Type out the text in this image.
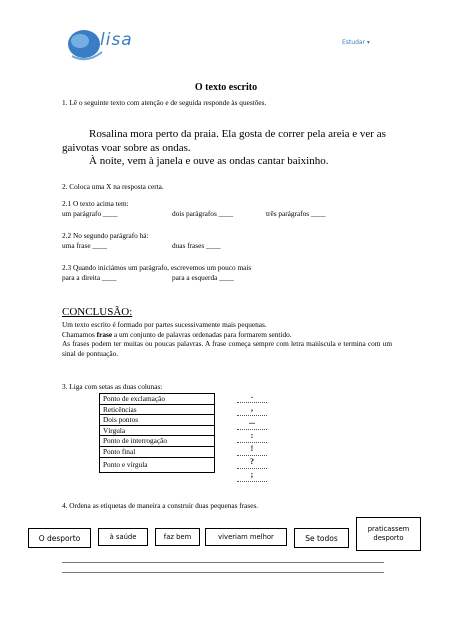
lisa	Estudar ▾
O texto escrito
1. Lê o seguinte texto com atenção e de seguida responde às questões.

Rosalina mora perto da praia. Ela gosta de correr pela areia e ver as gaivotas voar sobre as ondas.

À noite, vem à janela e ouve as ondas cantar baixinho.

2. Coloca uma X na resposta certa.
2.1 O texto acima tem:
um parágrafo ____	dois parágrafos ____	três parágrafos ____
2.2 No segundo parágrafo há:
uma frase ____	duas frases ____
2.3 Quando iniciámos um parágrafo, escrevemos um pouco mais
para a direita ____	para a esquerda ____
CONCLUSÃO:
Um texto escrito é formado por partes sucessivamente mais pequenas.
Chamamos frase a um conjunto de palavras ordenadas para formarem sentido.
As frases podem ter muitas ou poucas palavras. A frase começa sempre com letra maiúscula e termina com um sinal de pontuação.
3. Liga com setas as duas colunas:
Ponto de exclamação
Reticências
Dois pontos
Vírgula
Ponto de interrogação
Ponto final
Ponto e vírgula
.
,
...
:
!
?
;
4. Ordena as etiquetas de maneira a construir duas pequenas frases.
O desporto	à saúde	faz bem	viveriam melhor	Se todos
praticassem desporto
